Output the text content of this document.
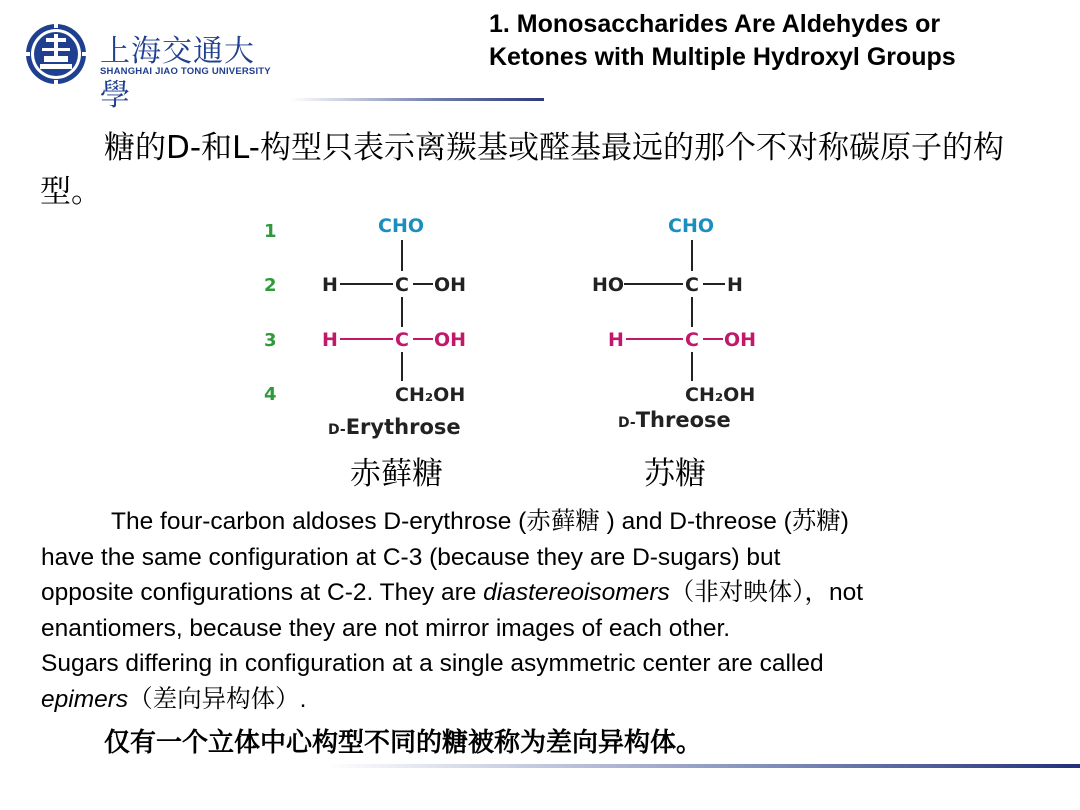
上海交通大學
SHANGHAI JIAO TONG UNIVERSITY
1. Monosaccharides Are Aldehydes or
Ketones with Multiple Hydroxyl Groups
糖的D-和L-构型只表示离羰基或醛基最远的那个不对称碳原子的构型。
1
2
3
4
CHO
H	C OH
H	C OH
CH₂OH
D-Erythrose
CHO
HO	C H
H	C OH
CH₂OH
D-Threose
赤藓糖	苏糖

The four-carbon aldoses D-erythrose (赤藓糖 ) and D-threose (苏糖)

have the same configuration at C-3 (because they are D-sugars) but

opposite configurations at C-2. They are diastereoisomers（非对映体），not

enantiomers, because they are not mirror images of each other.

Sugars differing in configuration at a single asymmetric center are called

epimers（差向异构体）.

仅有一个立体中心构型不同的糖被称为差向异构体。
